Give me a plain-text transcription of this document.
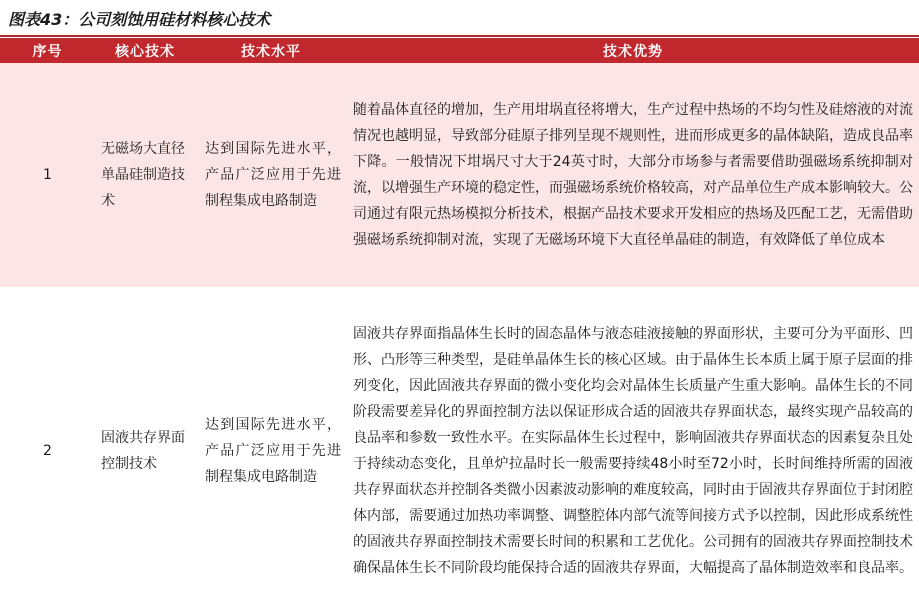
图表43：公司刻蚀用硅材料核心技术
序号	核心技术	技术水平	技术优势
1	无磁场大直径单晶硅制造技术	达到国际先进水平，产品广泛应用于先进制程集成电路制造	随着晶体直径的增加，生产用坩埚直径将增大，生产过程中热场的不均匀性及硅熔液的对流情况也越明显，导致部分硅原子排列呈现不规则性，进而形成更多的晶体缺陷，造成良品率下降。一般情况下坩埚尺寸大于24英寸时，大部分市场参与者需要借助强磁场系统抑制对流，以增强生产环境的稳定性，而强磁场系统价格较高，对产品单位生产成本影响较大。公司通过有限元热场模拟分析技术，根据产品技术要求开发相应的热场及匹配工艺，无需借助强磁场系统抑制对流，实现了无磁场环境下大直径单晶硅的制造，有效降低了单位成本
2	固液共存界面控制技术	达到国际先进水平，产品广泛应用于先进制程集成电路制造	固液共存界面指晶体生长时的固态晶体与液态硅液接触的界面形状，主要可分为平面形、凹形、凸形等三种类型，是硅单晶体生长的核心区域。由于晶体生长本质上属于原子层面的排列变化，因此固液共存界面的微小变化均会对晶体生长质量产生重大影响。晶体生长的不同阶段需要差异化的界面控制方法以保证形成合适的固液共存界面状态，最终实现产品较高的良品率和参数一致性水平。在实际晶体生长过程中，影响固液共存界面状态的因素复杂且处于持续动态变化，且单炉拉晶时长一般需要持续48小时至72小时，长时间维持所需的固液共存界面状态并控制各类微小因素波动影响的难度较高，同时由于固液共存界面位于封闭腔体内部，需要通过加热功率调整、调整腔体内部气流等间接方式予以控制，因此形成系统性的固液共存界面控制技术需要长时间的积累和工艺优化。公司拥有的固液共存界面控制技术确保晶体生长不同阶段均能保持合适的固液共存界面，大幅提高了晶体制造效率和良品率。
